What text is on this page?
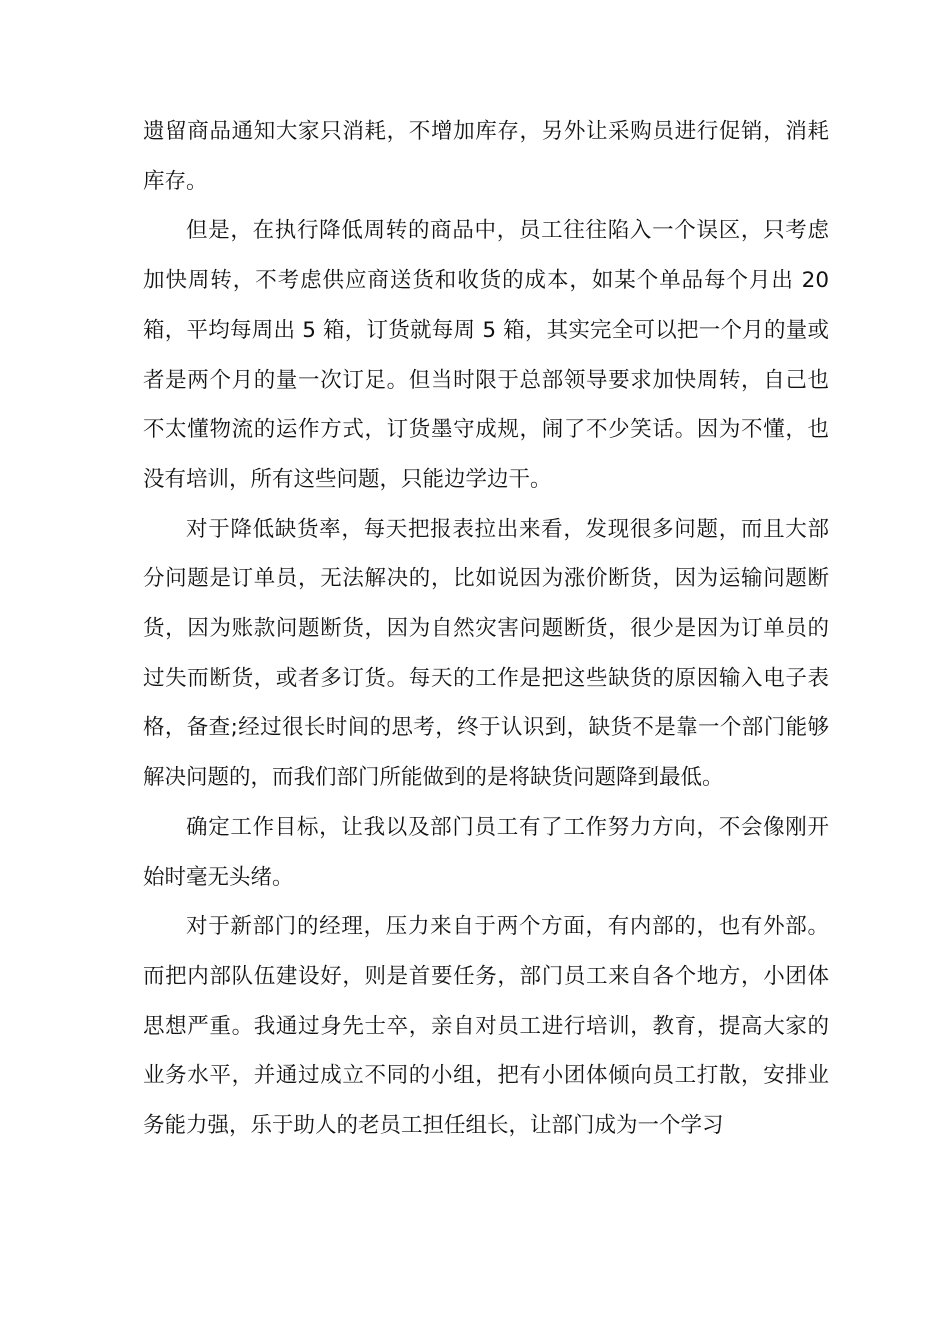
遗留商品通知大家只消耗，不增加库存，另外让采购员进行促销，消耗库存。

但是，在执行降低周转的商品中，员工往往陷入一个误区，只考虑加快周转，不考虑供应商送货和收货的成本，如某个单品每个月出 20 箱，平均每周出 5 箱，订货就每周 5 箱，其实完全可以把一个月的量或者是两个月的量一次订足。但当时限于总部领导要求加快周转，自己也不太懂物流的运作方式，订货墨守成规，闹了不少笑话。因为不懂，也没有培训，所有这些问题，只能边学边干。

对于降低缺货率，每天把报表拉出来看，发现很多问题，而且大部分问题是订单员，无法解决的，比如说因为涨价断货，因为运输问题断货，因为账款问题断货，因为自然灾害问题断货，很少是因为订单员的过失而断货，或者多订货。每天的工作是把这些缺货的原因输入电子表格，备查;经过很长时间的思考，终于认识到，缺货不是靠一个部门能够解决问题的，而我们部门所能做到的是将缺货问题降到最低。

确定工作目标，让我以及部门员工有了工作努力方向，不会像刚开始时毫无头绪。

对于新部门的经理，压力来自于两个方面，有内部的，也有外部。而把内部队伍建设好，则是首要任务，部门员工来自各个地方，小团体思想严重。我通过身先士卒，亲自对员工进行培训，教育，提高大家的业务水平，并通过成立不同的小组，把有小团体倾向员工打散，安排业务能力强，乐于助人的老员工担任组长，让部门成为一个学习
